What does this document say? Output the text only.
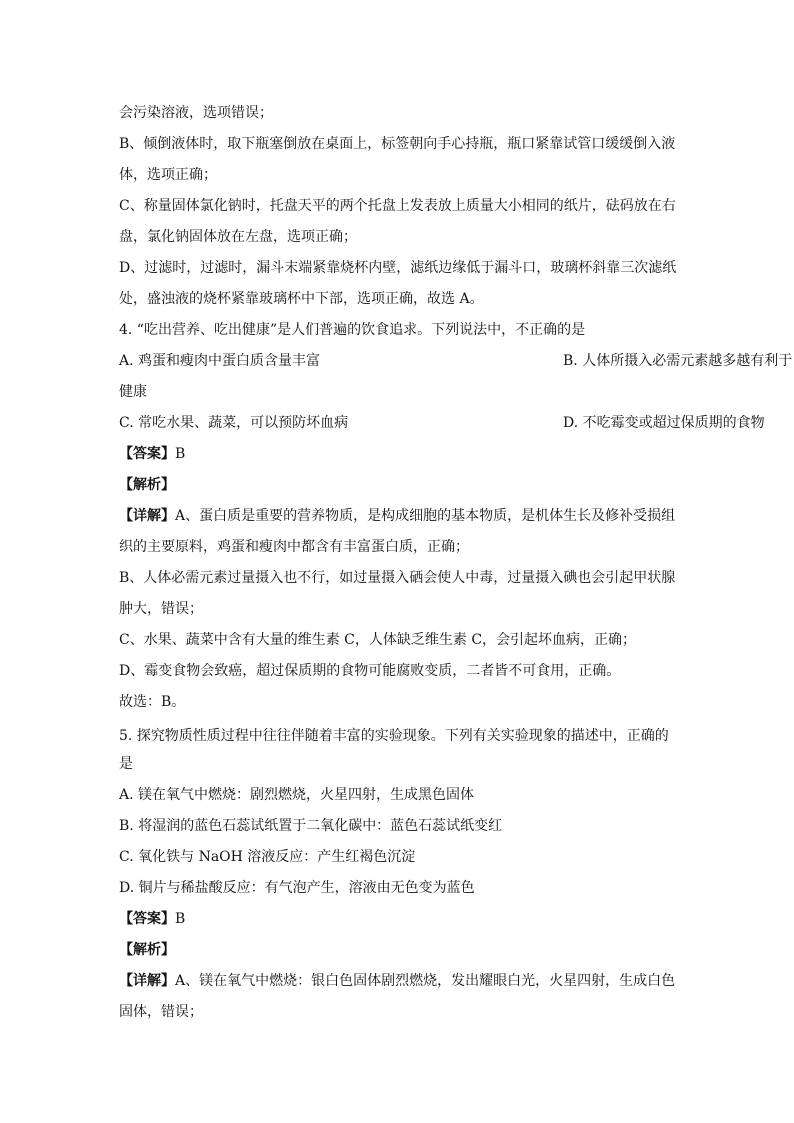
会污染溶液，选项错误；
B、倾倒液体时，取下瓶塞倒放在桌面上，标签朝向手心持瓶，瓶口紧靠试管口缓缓倒入液
体，选项正确；
C、称量固体氯化钠时，托盘天平的两个托盘上发表放上质量大小相同的纸片，砝码放在右
盘，氯化钠固体放在左盘，选项正确；
D、过滤时，过滤时，漏斗末端紧靠烧杯内壁，滤纸边缘低于漏斗口，玻璃杯斜靠三次滤纸
处，盛浊液的烧杯紧靠玻璃杯中下部，选项正确，故选 A。
4. “吃出营养、吃出健康”是人们普遍的饮食追求。下列说法中，不正确的是
A. 鸡蛋和瘦肉中蛋白质含量丰富	B. 人体所摄入必需元素越多越有利于
健康
C. 常吃水果、蔬菜，可以预防坏血病	D. 不吃霉变或超过保质期的食物
【答案】B
【解析】
【详解】A、蛋白质是重要的营养物质，是构成细胞的基本物质，是机体生长及修补受损组
织的主要原料，鸡蛋和瘦肉中都含有丰富蛋白质，正确；
B、人体必需元素过量摄入也不行，如过量摄入硒会使人中毒，过量摄入碘也会引起甲状腺
肿大，错误；
C、水果、蔬菜中含有大量的维生素 C，人体缺乏维生素 C，会引起坏血病，正确；
D、霉变食物会致癌，超过保质期的食物可能腐败变质，二者皆不可食用，正确。
故选：B。
5. 探究物质性质过程中往往伴随着丰富的实验现象。下列有关实验现象的描述中，正确的
是
A. 镁在氧气中燃烧：剧烈燃烧，火星四射，生成黑色固体
B. 将湿润的蓝色石蕊试纸置于二氧化碳中：蓝色石蕊试纸变红
C. 氧化铁与 NaOH 溶液反应：产生红褐色沉淀
D. 铜片与稀盐酸反应：有气泡产生，溶液由无色变为蓝色
【答案】B
【解析】
【详解】A、镁在氧气中燃烧：银白色固体剧烈燃烧，发出耀眼白光，火星四射，生成白色
固体，错误；
